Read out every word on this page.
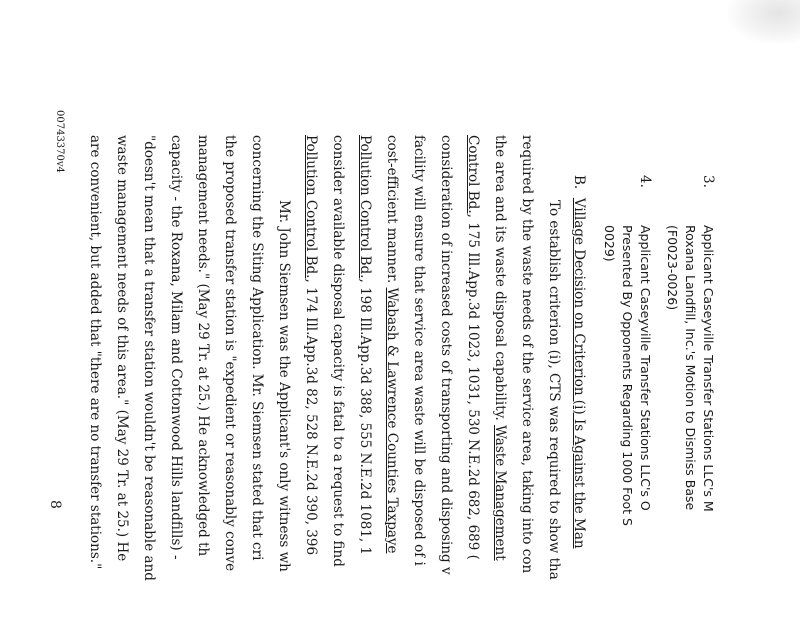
3.
Applicant Caseyville Transfer Stations LLC's M
Roxana Landfill, Inc.'s Motion to Dismiss Base
(F0023-0026)
4.
Applicant Caseyville Transfer Stations LLC's O
Presented By Opponents Regarding 1000 Foot S
0029)
B.  Village Decision on Criterion (i) Is Against the Man
To establish criterion (i), CTS was required to show tha
required by the waste needs of the service area, taking into con
the area and its waste disposal capability. Waste Management
Control Bd., 175 Ill.App.3d 1023, 1031, 530 N.E.2d 682, 689 (
consideration of increased costs of transporting and disposing v
facility will ensure that service area waste will be disposed of i
cost-efficient manner. Wabash & Lawrence Counties Taxpaye
Pollution Control Bd., 198 Ill.App.3d 388, 555 N.E.2d 1081, 1
consider available disposal capacity is fatal to a request to find
Pollution Control Bd., 174 Ill.App.3d 82, 528 N.E.2d 390, 396
Mr. John Siemsen was the Applicant's only witness wh
concerning the Siting Application. Mr. Siemsen stated that cri
the proposed transfer station is "expedient or reasonably conve
management needs." (May 29 Tr. at 25.) He acknowledged th
capacity - the Roxana, Milam and Cottonwood Hills landfills) -
"doesn't mean that a transfer station wouldn't be reasonable and
waste management needs of this area." (May 29 Tr. at 25.) He
are convenient, but added that "there are no transfer stations."
8
00743370v4
